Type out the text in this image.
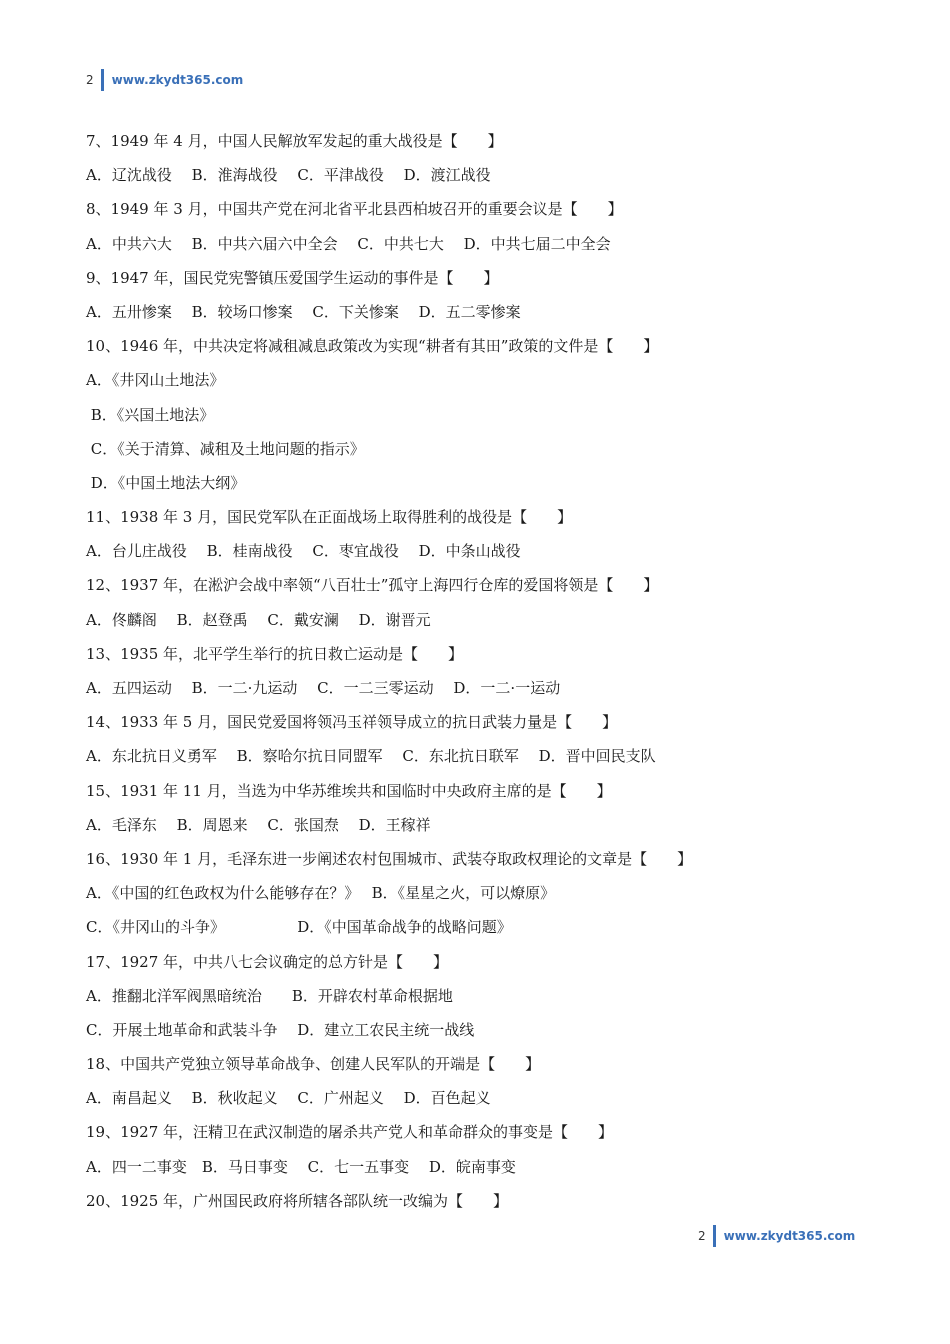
2 www.zkydt365.com
7、1949 年 4 月，中国人民解放军发起的重大战役是【　　】
A．辽沈战役　 B．淮海战役　 C．平津战役　 D．渡江战役
8、1949 年 3 月，中国共产党在河北省平北县西柏坡召开的重要会议是【　　】
A．中共六大　 B．中共六届六中全会　 C．中共七大　 D．中共七届二中全会
9、1947 年，国民党宪警镇压爱国学生运动的事件是【　　】
A．五卅惨案　 B．较场口惨案　 C．下关惨案　 D．五二零惨案
10、1946 年，中共决定将减租减息政策改为实现“耕者有其田”政策的文件是【　　】
A．《井冈山土地法》
B．《兴国土地法》
C．《关于清算、减租及土地问题的指示》
D．《中国土地法大纲》
11、1938 年 3 月，国民党军队在正面战场上取得胜利的战役是【　　】
A．台儿庄战役　 B．桂南战役　 C．枣宜战役　 D．中条山战役
12、1937 年，在淞沪会战中率领“八百壮士”孤守上海四行仓库的爱国将领是【　　】
A．佟麟阁　 B．赵登禹　 C．戴安澜　 D．谢晋元
13、1935 年，北平学生举行的抗日救亡运动是【　　】
A．五四运动　 B．一二·九运动　 C．一二三零运动　 D．一二·一运动
14、1933 年 5 月，国民党爱国将领冯玉祥领导成立的抗日武装力量是【　　】
A．东北抗日义勇军　 B．察哈尔抗日同盟军　 C．东北抗日联军　 D．晋中回民支队
15、1931 年 11 月，当选为中华苏维埃共和国临时中央政府主席的是【　　】
A．毛泽东　 B．周恩来　 C．张国焘　 D．王稼祥
16、1930 年 1 月，毛泽东进一步阐述农村包围城市、武装夺取政权理论的文章是【　　】
A．《中国的红色政权为什么能够存在？》　 B．《星星之火，可以燎原》
C．《井冈山的斗争》　　　　　 D．《中国革命战争的战略问题》
17、1927 年，中共八七会议确定的总方针是【　　】
A．推翻北洋军阀黑暗统治　　B．开辟农村革命根据地
C．开展土地革命和武装斗争　 D．建立工农民主统一战线
18、中国共产党独立领导革命战争、创建人民军队的开端是【　　】
A．南昌起义　 B．秋收起义　 C．广州起义　 D．百色起义
19、1927 年，汪精卫在武汉制造的屠杀共产党人和革命群众的事变是【　　】
A．四一二事变　B．马日事变　 C．七一五事变　 D．皖南事变
20、1925 年，广州国民政府将所辖各部队统一改编为【　　】
2 www.zkydt365.com
